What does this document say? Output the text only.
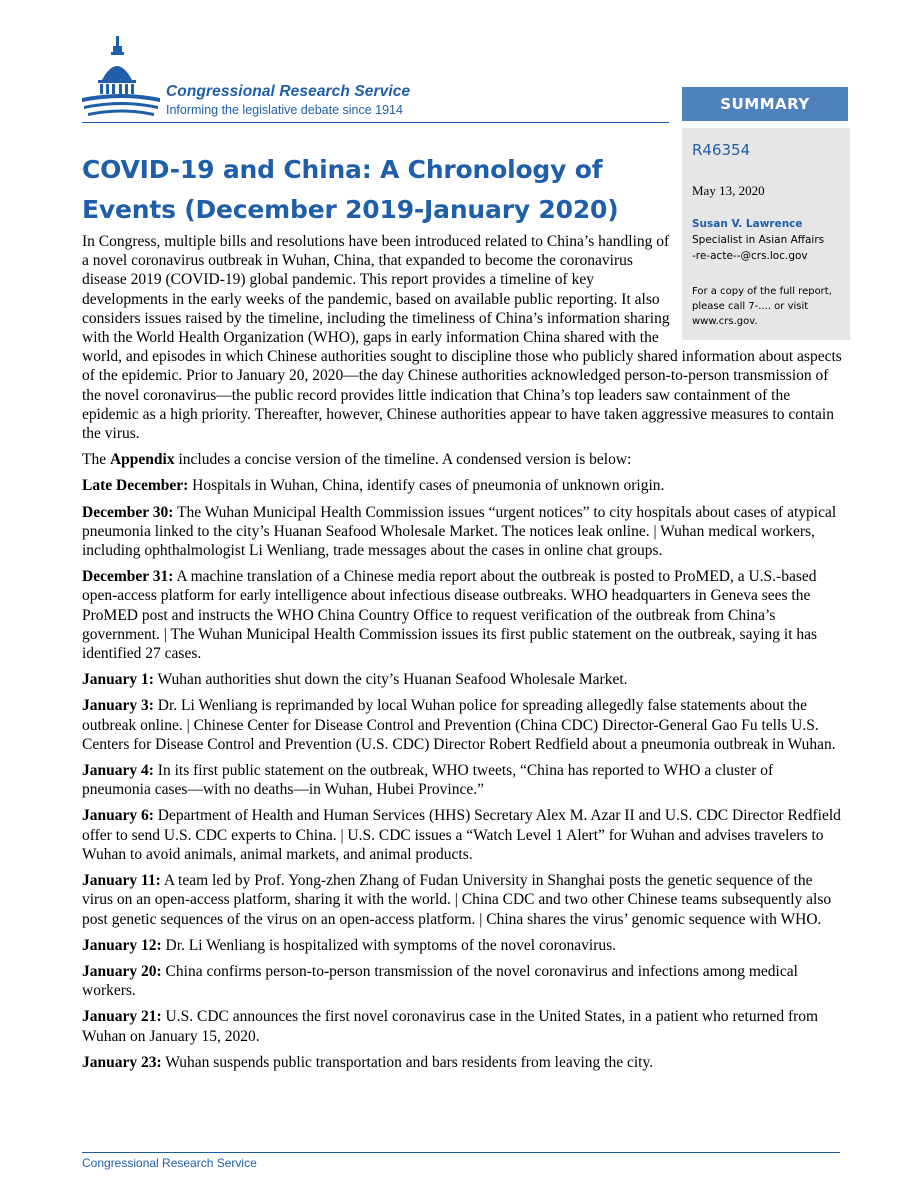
Congressional Research Service
Informing the legislative debate since 1914	SUMMARY
R46354
May 13, 2020
Susan V. Lawrence
Specialist in Asian Affairs
-re-acte--@crs.loc.gov
For a copy of the full report, please call 7-.... or visit www.crs.gov.
COVID-19 and China: A Chronology of Events (December 2019-January 2020)

In Congress, multiple bills and resolutions have been introduced related to China’s handling of a novel coronavirus outbreak in Wuhan, China, that expanded to become the coronavirus disease 2019 (COVID-19) global pandemic. This report provides a timeline of key developments in the early weeks of the pandemic, based on available public reporting. It also considers issues raised by the timeline, including the timeliness of China’s information sharing with the World Health Organization (WHO), gaps in early information China shared with the world, and episodes in which Chinese authorities sought to discipline those who publicly shared information about aspects of the epidemic. Prior to January 20, 2020—the day Chinese authorities acknowledged person-to-person transmission of the novel coronavirus—the public record provides little indication that China’s top leaders saw containment of the epidemic as a high priority. Thereafter, however, Chinese authorities appear to have taken aggressive measures to contain the virus.

The Appendix includes a concise version of the timeline. A condensed version is below:

Late December: Hospitals in Wuhan, China, identify cases of pneumonia of unknown origin.

December 30: The Wuhan Municipal Health Commission issues “urgent notices” to city hospitals about cases of atypical pneumonia linked to the city’s Huanan Seafood Wholesale Market. The notices leak online. | Wuhan medical workers, including ophthalmologist Li Wenliang, trade messages about the cases in online chat groups.

December 31: A machine translation of a Chinese media report about the outbreak is posted to ProMED, a U.S.-based open-access platform for early intelligence about infectious disease outbreaks. WHO headquarters in Geneva sees the ProMED post and instructs the WHO China Country Office to request verification of the outbreak from China’s government. | The Wuhan Municipal Health Commission issues its first public statement on the outbreak, saying it has identified 27 cases.

January 1: Wuhan authorities shut down the city’s Huanan Seafood Wholesale Market.

January 3: Dr. Li Wenliang is reprimanded by local Wuhan police for spreading allegedly false statements about the outbreak online. | Chinese Center for Disease Control and Prevention (China CDC) Director-General Gao Fu tells U.S. Centers for Disease Control and Prevention (U.S. CDC) Director Robert Redfield about a pneumonia outbreak in Wuhan.

January 4: In its first public statement on the outbreak, WHO tweets, “China has reported to WHO a cluster of pneumonia cases—with no deaths—in Wuhan, Hubei Province.”

January 6: Department of Health and Human Services (HHS) Secretary Alex M. Azar II and U.S. CDC Director Redfield offer to send U.S. CDC experts to China. | U.S. CDC issues a “Watch Level 1 Alert” for Wuhan and advises travelers to Wuhan to avoid animals, animal markets, and animal products.

January 11: A team led by Prof. Yong-zhen Zhang of Fudan University in Shanghai posts the genetic sequence of the virus on an open-access platform, sharing it with the world. | China CDC and two other Chinese teams subsequently also post genetic sequences of the virus on an open-access platform. | China shares the virus’ genomic sequence with WHO.

January 12: Dr. Li Wenliang is hospitalized with symptoms of the novel coronavirus.

January 20: China confirms person-to-person transmission of the novel coronavirus and infections among medical workers.

January 21: U.S. CDC announces the first novel coronavirus case in the United States, in a patient who returned from Wuhan on January 15, 2020.

January 23: Wuhan suspends public transportation and bars residents from leaving the city.

Congressional Research Service
